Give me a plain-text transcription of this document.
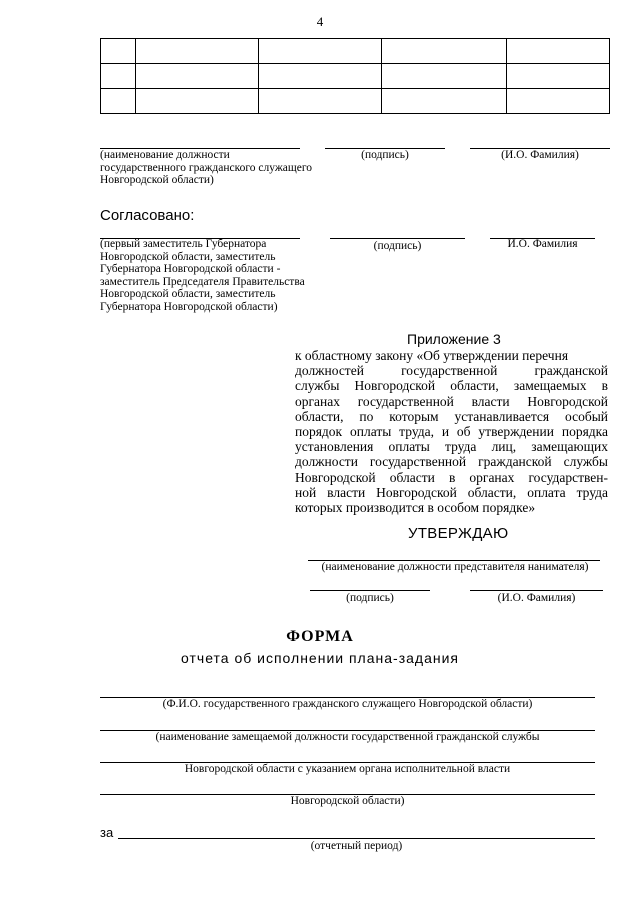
4

(наименование должности государственного гражданского служащего Новгородской области)
(подпись)	(И.О. Фамилия)
Согласовано:
(первый заместитель Губернатора Новгородской области, заместитель Губернатора Новгородской области - заместитель Председателя Правительства Новгородской области, заместитель Губернатора Новгородской области)
(подпись)	И.О. Фамилия
Приложение 3
к областному закону «Об утверждении перечня
должностей государственной гражданской
службы Новгородской области, замещаемых в
органах государственной власти Новгородской
области, по которым устанавливается особый
порядок оплаты труда, и об утверждении порядка
установления оплаты труда лиц, замещающих
должности государственной гражданской службы
Новгородской области в органах государствен-
ной власти Новгородской области, оплата труда
которых производится в особом порядке»
УТВЕРЖДАЮ
(наименование должности представителя нанимателя)
(подпись)	(И.О. Фамилия)
ФОРМА
отчета об исполнении плана-задания
(Ф.И.О. государственного гражданского служащего Новгородской области)
(наименование замещаемой должности государственной гражданской службы
Новгородской области с указанием органа исполнительной власти
Новгородской области)
за
(отчетный период)
